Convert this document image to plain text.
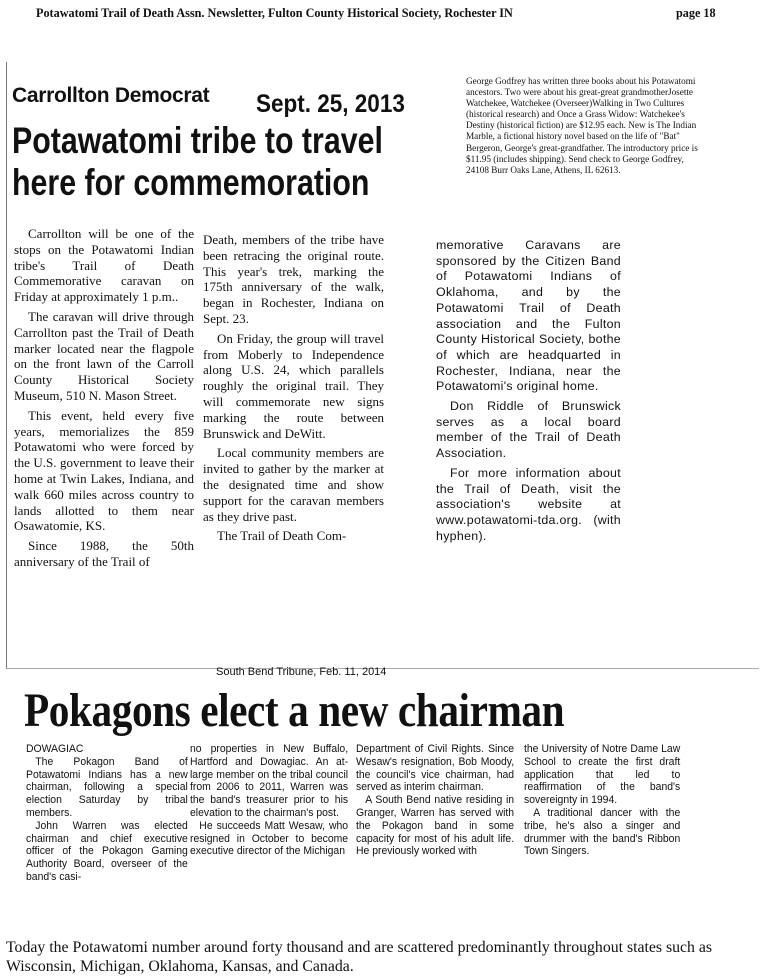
Potawatomi Trail of Death Assn. Newsletter, Fulton County Historical Society, Rochester IN	page 18
Carrollton Democrat Sept. 25, 2013
Potawatomi tribe to travel
here for commemoration
George Godfrey has written three books about his Potawatomi ancestors. Two were about his great-great grandmotherJosette Watchekee, Watchekee (Overseer)Walking in Two Cultures (historical research) and Once a Grass Widow: Watchekee's Destiny (historical fiction) are $12.95 each. New is The Indian Marble, a fictional history novel based on the life of "Bat" Bergeron, George's great-grandfather. The introductory price is $11.95 (includes shipping). Send check to George Godfrey, 24108 Burr Oaks Lane, Athens, IL 62613.

Carrollton will be one of the stops on the Potawatomi Indian tribe's Trail of Death Commemorative caravan on Friday at approximately 1 p.m..

The caravan will drive through Carrollton past the Trail of Death marker located near the flagpole on the front lawn of the Carroll County Historical Society Museum, 510 N. Mason Street.

This event, held every five years, memorializes the 859 Potawatomi who were forced by the U.S. government to leave their home at Twin Lakes, Indiana, and walk 660 miles across country to lands allotted to them near Osawatomie, KS.

Since 1988, the 50th anniversary of the Trail of

Death, members of the tribe have been retracing the original route. This year's trek, marking the 175th anniversary of the walk, began in Rochester, Indiana on Sept. 23.

On Friday, the group will travel from Moberly to Independence along U.S. 24, which parallels roughly the original trail. They will commemorate new signs marking the route between Brunswick and DeWitt.

Local community members are invited to gather by the marker at the designated time and show support for the caravan members as they drive past.

The Trail of Death Com-

memorative Caravans are sponsored by the Citizen Band of Potawatomi Indians of Oklahoma, and by the Potawatomi Trail of Death association and the Fulton County Historical Society, bothe of which are headquarted in Rochester, Indiana, near the Potawatomi's original home.

Don Riddle of Brunswick serves as a local board member of the Trail of Death Association.

For more information about the Trail of Death, visit the association's website at www.potawatomi-tda.org. (with hyphen).

South Bend Tribune, Feb. 11, 2014
Pokagons elect a new chairman

DOWAGIAC

The Pokagon Band of Potawatomi Indians has a new chairman, following a special election Saturday by tribal members.

John Warren was elected chairman and chief executive officer of the Pokagon Gaming Authority Board, overseer of the band's casi-

no properties in New Buffalo, Hartford and Dowagiac. An at-large member on the tribal council from 2006 to 2011, Warren was the band's treasurer prior to his elevation to the chairman's post.

He succeeds Matt Wesaw, who resigned in October to become executive director of the Michigan

Department of Civil Rights. Since Wesaw's resignation, Bob Moody, the council's vice chairman, had served as interim chairman.

A South Bend native residing in Granger, Warren has served with the Pokagon band in some capacity for most of his adult life. He previously worked with

the University of Notre Dame Law School to create the first draft application that led to reaffirmation of the band's sovereignty in 1994.

A traditional dancer with the tribe, he's also a singer and drummer with the band's Ribbon Town Singers.

Today the Potawatomi number around forty thousand and are scattered predominantly throughout states such as Wisconsin, Michigan, Oklahoma, Kansas, and Canada.
